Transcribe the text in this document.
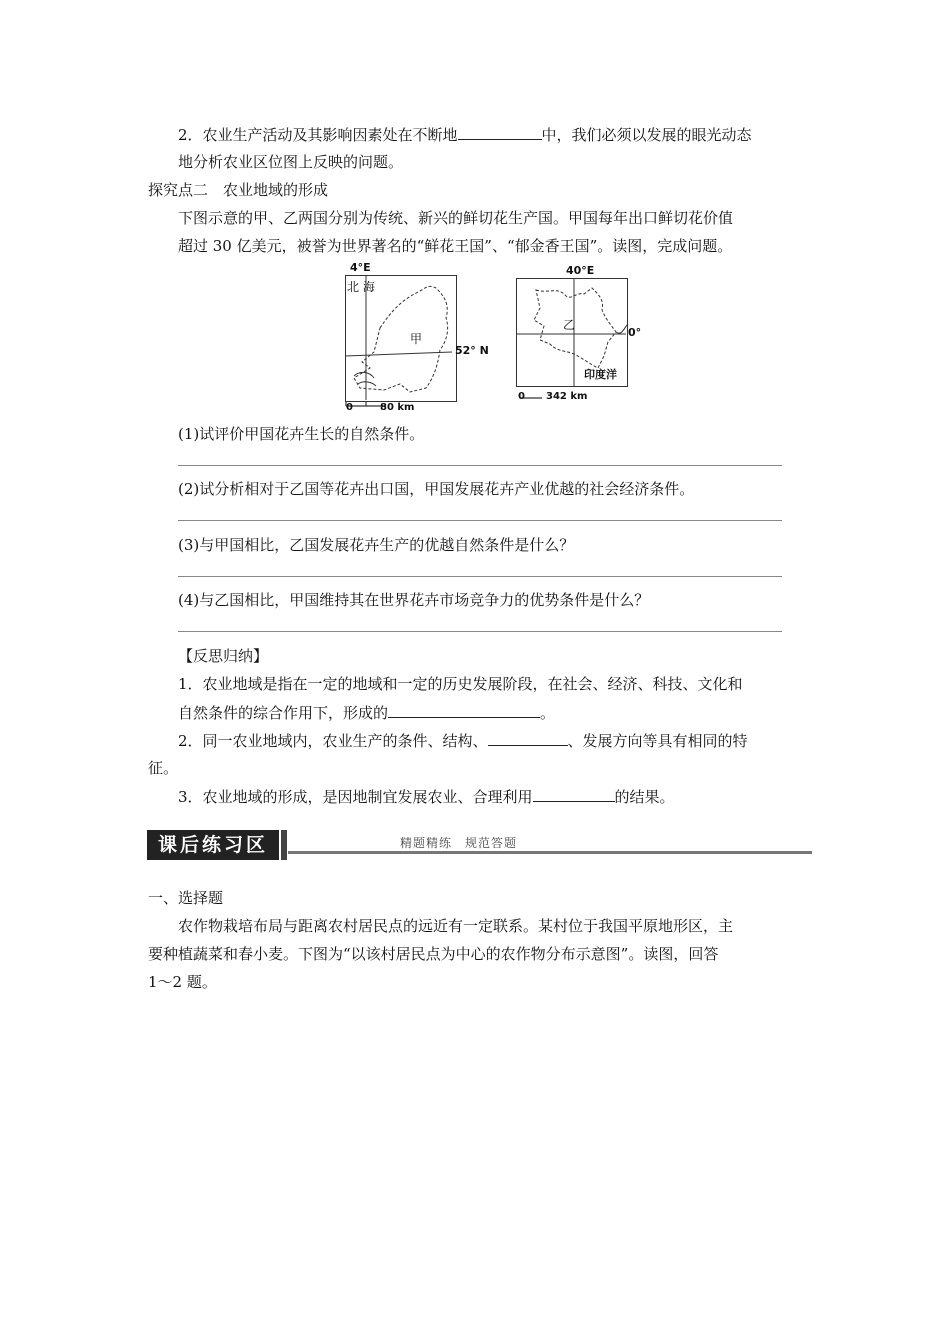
2．农业生产活动及其影响因素处在不断地	中，我们必须以发展的眼光动态
地分析农业区位图上反映的问题。
探究点二　农业地域的形成
下图示意的甲、乙两国分别为传统、新兴的鲜切花生产国。甲国每年出口鲜切花价值
超过 30 亿美元，被誉为世界著名的“鲜花王国”、“郁金香王国”。读图，完成问题。
4°E
北 海
甲
52° N
0	80 km
40°E
乙
0°
印度洋
0 342 km
(1)试评价甲国花卉生长的自然条件。
(2)试分析相对于乙国等花卉出口国，甲国发展花卉产业优越的社会经济条件。
(3)与甲国相比，乙国发展花卉生产的优越自然条件是什么？
(4)与乙国相比，甲国维持其在世界花卉市场竞争力的优势条件是什么？
【反思归纳】
1．农业地域是指在一定的地域和一定的历史发展阶段，在社会、经济、科技、文化和
自然条件的综合作用下，形成的	。
2．同一农业地域内，农业生产的条件、结构、	、发展方向等具有相同的特
征。
3．农业地域的形成，是因地制宜发展农业、合理利用	的结果。
课后练习区	精题精练　规范答题
一、选择题
农作物栽培布局与距离农村居民点的远近有一定联系。某村位于我国平原地形区，主
要种植蔬菜和春小麦。下图为“以该村居民点为中心的农作物分布示意图”。读图，回答
1～2 题。
